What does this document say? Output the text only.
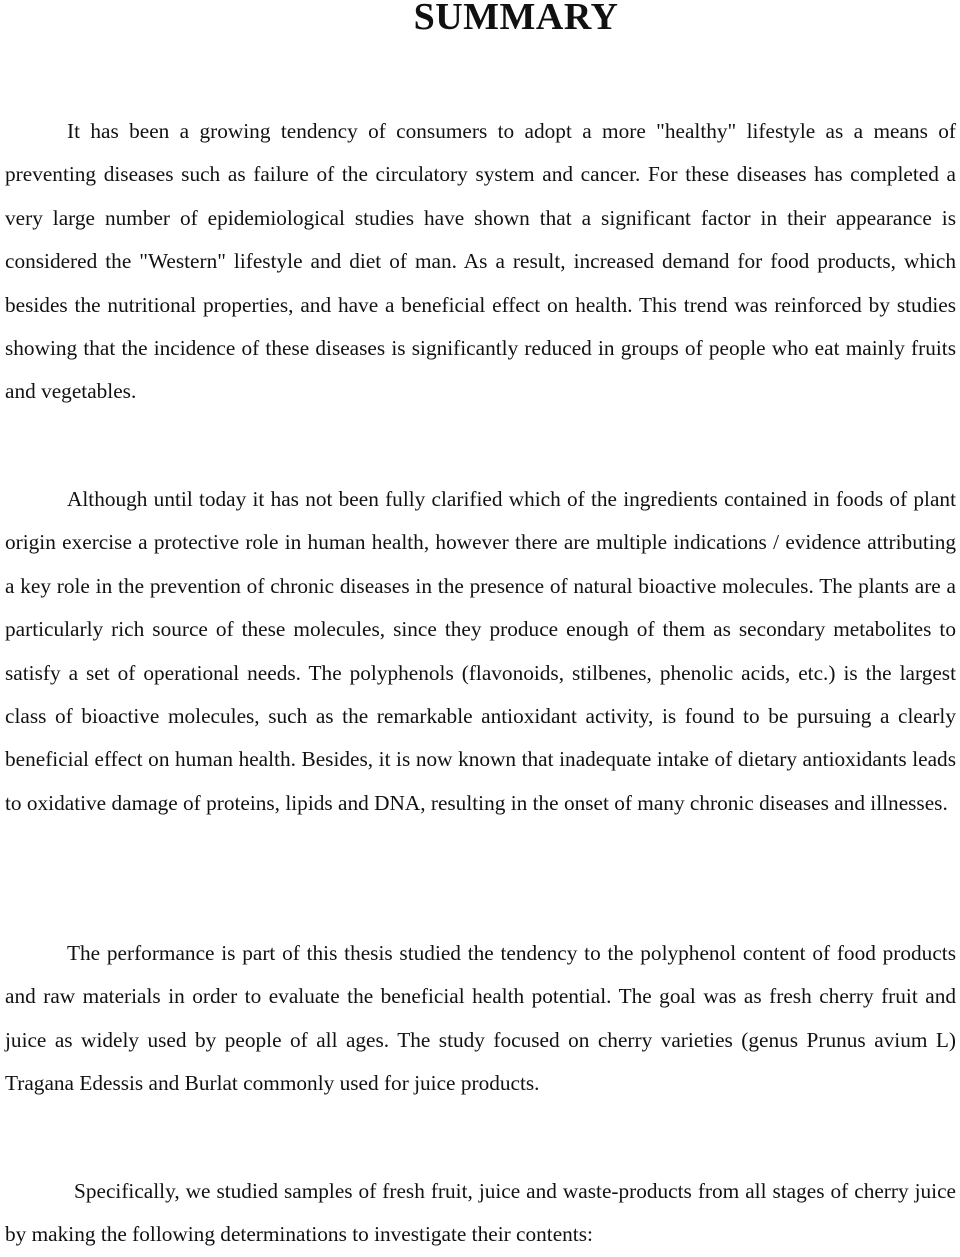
SUMMARY

It has been a growing tendency of consumers to adopt a more "healthy" lifestyle as a means of preventing diseases such as failure of the circulatory system and cancer. For these diseases has completed a very large number of epidemiological studies have shown that a significant factor in their appearance is considered the "Western" lifestyle and diet of man. As a result, increased demand for food products, which besides the nutritional properties, and have a beneficial effect on health. This trend was reinforced by studies showing that the incidence of these diseases is significantly reduced in groups of people who eat mainly fruits and vegetables.

Although until today it has not been fully clarified which of the ingredients contained in foods of plant origin exercise a protective role in human health, however there are multiple indications / evidence attributing a key role in the prevention of chronic diseases in the presence of natural bioactive molecules. The plants are a particularly rich source of these molecules, since they produce enough of them as secondary metabolites to satisfy a set of operational needs. The polyphenols (flavonoids, stilbenes, phenolic acids, etc.) is the largest class of bioactive molecules, such as the remarkable antioxidant activity, is found to be pursuing a clearly beneficial effect on human health. Besides, it is now known that inadequate intake of dietary antioxidants leads to oxidative damage of proteins, lipids and DNA, resulting in the onset of many chronic diseases and illnesses.

The performance is part of this thesis studied the tendency to the polyphenol content of food products and raw materials in order to evaluate the beneficial health potential. The goal was as fresh cherry fruit and juice as widely used by people of all ages. The study focused on cherry varieties (genus Prunus avium L) Tragana Edessis and Burlat commonly used for juice products.

Specifically, we studied samples of fresh fruit, juice and waste-products from all stages of cherry juice by making the following determinations to investigate their contents:
